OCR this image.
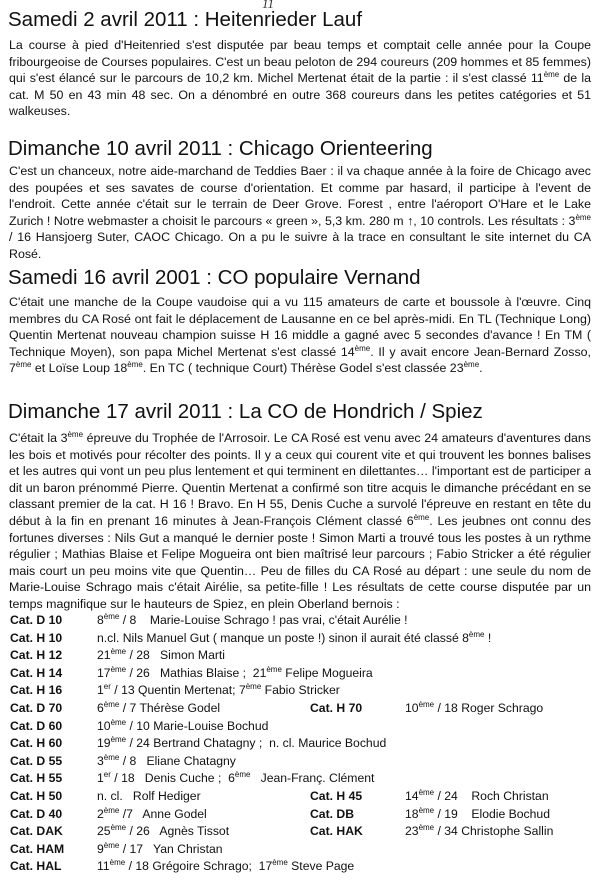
11
Samedi 2 avril 2011 : Heitenrieder Lauf

La course à pied d'Heitenried s'est disputée par beau temps et comptait celle année pour la Coupe fribourgeoise de Courses populaires. C'est un beau peloton de 294 coureurs (209 hommes et 85 femmes) qui s'est élancé sur le parcours de 10,2 km. Michel Mertenat était de la partie : il s'est classé 11ème de la cat. M 50 en 43 min 48 sec. On a dénombré en outre 368 coureurs dans les petites catégories et 51 walkeuses.

Dimanche 10 avril 2011 : Chicago Orienteering

C'est un chanceux, notre aide-marchand de Teddies Baer : il va chaque année à la foire de Chicago avec des poupées et ses savates de course d'orientation. Et comme par hasard, il participe à l'event de l'endroit. Cette année c'était sur le terrain de Deer Grove. Forest , entre l'aéroport O'Hare et le Lake Zurich ! Notre webmaster a choisit le parcours « green », 5,3 km. 280 m ↑, 10 controls. Les résultats : 3ème / 16 Hansjoerg Suter, CAOC Chicago. On a pu le suivre à la trace en consultant le site internet du CA Rosé.

Samedi 16 avril 2001 : CO populaire Vernand

C'était une manche de la Coupe vaudoise qui a vu 115 amateurs de carte et boussole à l'œuvre. Cinq membres du CA Rosé ont fait le déplacement de Lausanne en ce bel après-midi. En TL (Technique Long) Quentin Mertenat nouveau champion suisse H 16 middle a gagné avec 5 secondes d'avance ! En TM ( Technique Moyen), son papa Michel Mertenat s'est classé 14ème. Il y avait encore Jean-Bernard Zosso, 7ème et Loïse Loup 18ème. En TC ( technique Court) Thérèse Godel s'est classée 23ème.

Dimanche 17 avril 2011 : La CO de Hondrich / Spiez

C'était la 3ème épreuve du Trophée de l'Arrosoir. Le CA Rosé est venu avec 24 amateurs d'aventures dans les bois et motivés pour récolter des points. Il y a ceux qui courent vite et qui trouvent les bonnes balises et les autres qui vont un peu plus lentement et qui terminent en dilettantes… l'important est de participer a dit un baron prénommé Pierre. Quentin Mertenat a confirmé son titre acquis le dimanche précédant en se classant premier de la cat. H 16 ! Bravo. En H 55, Denis Cuche a survolé l'épreuve en restant en tête du début à la fin en prenant 16 minutes à Jean-François Clément classé 6ème. Les jeubnes ont connu des fortunes diverses : Nils Gut a manqué le dernier poste ! Simon Marti a trouvé tous les postes à un rythme régulier ; Mathias Blaise et Felipe Mogueira ont bien maîtrisé leur parcours ; Fabio Stricker a été régulier mais court un peu moins vite que Quentin… Peu de filles du CA Rosé au départ : une seule du nom de Marie-Louise Schrago mais c'était Airélie, sa petite-fille ! Les résultats de cette course disputée par un temps magnifique sur le hauteurs de Spiez, en plein Oberland bernois :

Cat. D 10	8ème / 8    Marie-Louise Schrago ! pas vrai, c'était Aurélie !
Cat. H 10	n.cl. Nils Manuel Gut ( manque un poste !) sinon il aurait été classé 8ème !
Cat. H 12	21ème / 28   Simon Marti
Cat. H 14	17ème / 26   Mathias Blaise ;  21ème Felipe Mogueira
Cat. H 16	1er / 13 Quentin Mertenat; 7ème Fabio Stricker
Cat. D 70	6ème / 7 Thérèse Godel	Cat. H 70	10ème / 18 Roger Schrago
Cat. D 60	10ème / 10 Marie-Louise Bochud
Cat. H 60	19ème / 24 Bertrand Chatagny ;  n. cl. Maurice Bochud
Cat. D 55	3ème / 8   Eliane Chatagny
Cat. H 55	1er / 18   Denis Cuche ;  6ème   Jean-Franç. Clément
Cat. H 50	n. cl.   Rolf Hediger	Cat. H 45	14ème / 24    Roch Christan
Cat. D 40	2ème /7   Anne Godel	Cat. DB	18ème / 19    Elodie Bochud
Cat. DAK	25ème / 26   Agnès Tissot	Cat. HAK	23ème / 34 Christophe Sallin
Cat. HAM	9ème / 17   Yan Christan
Cat. HAL	11ème / 18 Grégoire Schrago;  17ème Steve Page
